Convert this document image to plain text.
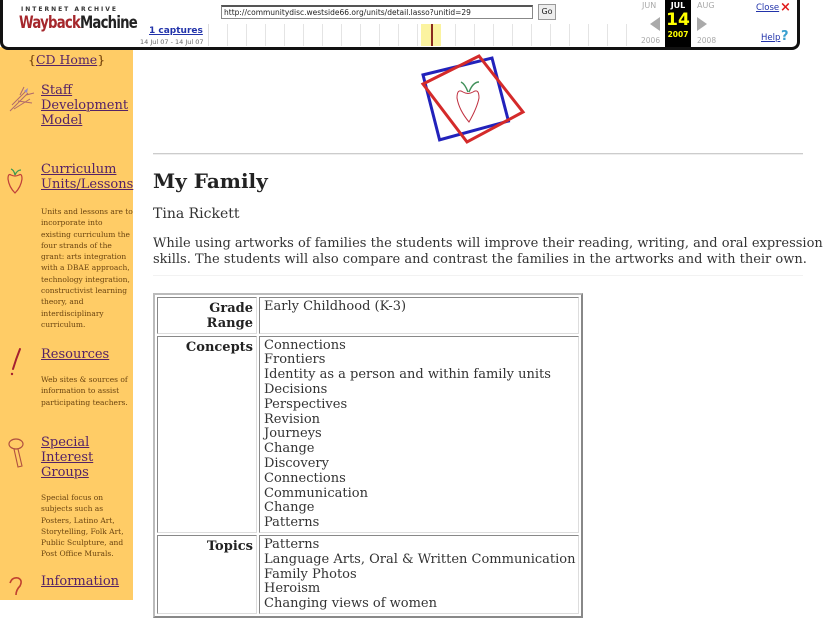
INTERNET ARCHIVE
WaybackMachine 1 captures
14 Jul 07 - 14 Jul 07
http://communitydisc.westside66.org/units/detail.lasso?unitid=29	Go
JUN	AUG
2006	2008
JUL
14
2007
Close ×
Help ?
{CD Home}
Staff
Development
Model
Curriculum
Units/Lessons
Units and lessons are to incorporate into existing curriculum the four strands of the grant: arts integration with a DBAE approach, technology integration, constructivist learning theory, and interdisciplinary curriculum.
Resources
Web sites & sources of information to assist participating teachers.
Special
Interest
Groups
Special focus on subjects such as Posters, Latino Art, Storytelling, Folk Art, Public Sculpture, and Post Office Murals.
Information
My Family
Tina Rickett
While using artworks of families the students will improve their reading, writing, and oral expression
skills. The students will also compare and contrast the families in the artworks and with their own.
Grade Range	Early Childhood (K-3)
Concepts	Connections
Frontiers
Identity as a person and within family units
Decisions
Perspectives
Revision
Journeys
Change
Discovery
Connections
Communication
Change
Patterns

Topics	Patterns
Language Arts, Oral & Written Communication
Family Photos
Heroism
Changing views of women
